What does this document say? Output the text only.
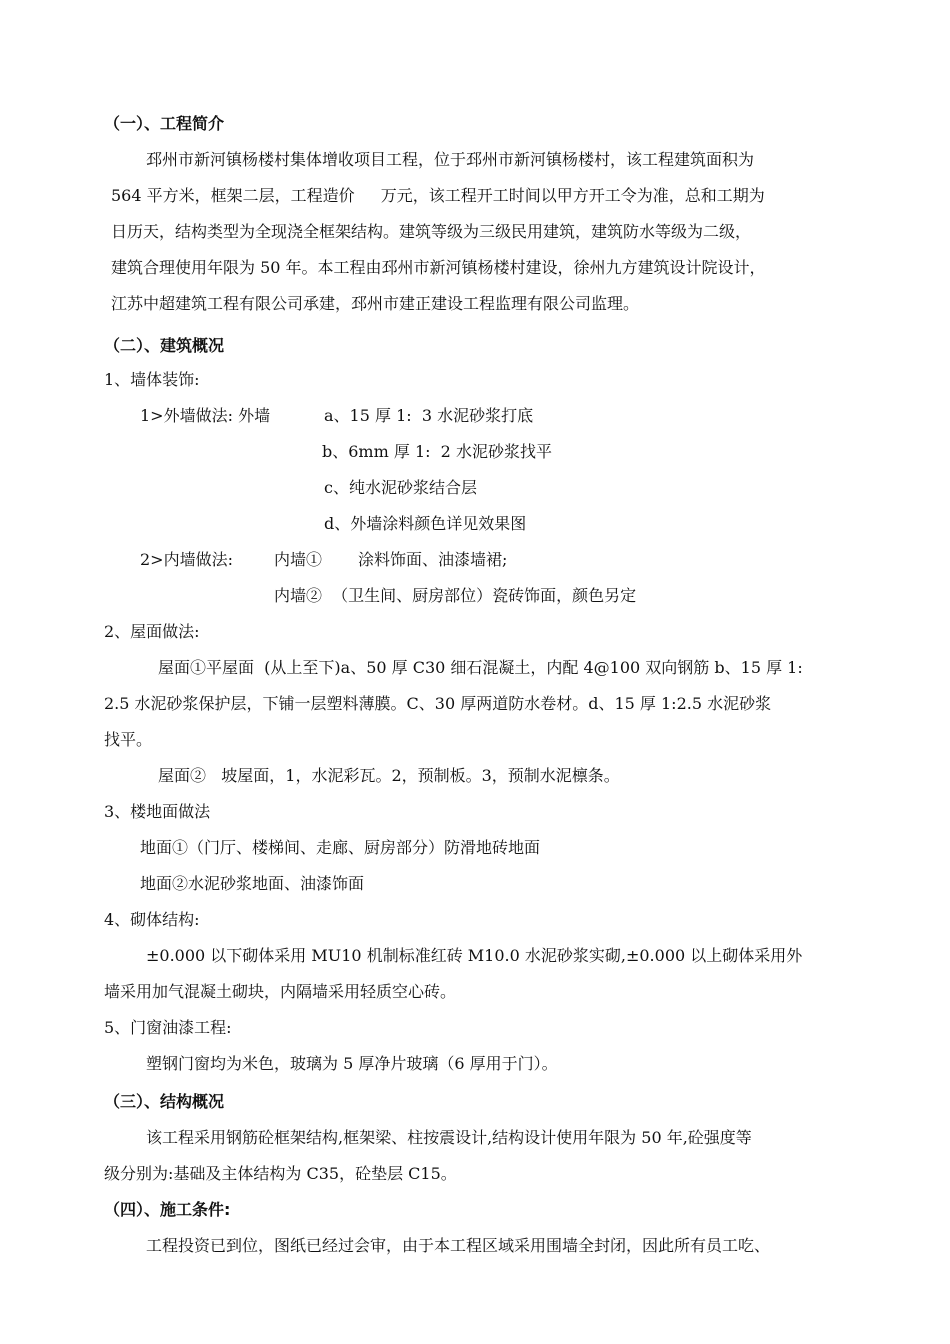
（一）、工程简介
邳州市新河镇杨楼村集体增收项目工程，位于邳州市新河镇杨楼村，该工程建筑面积为
564 平方米，框架二层，工程造价　  万元，该工程开工时间以甲方开工令为准，总和工期为
日历天，结构类型为全现浇全框架结构。建筑等级为三级民用建筑，建筑防水等级为二级，
建筑合理使用年限为 50 年。本工程由邳州市新河镇杨楼村建设，徐州九方建筑设计院设计，
江苏中超建筑工程有限公司承建，邳州市建正建设工程监理有限公司监理。
（二）、建筑概况
1、墙体装饰:
1>外墙做法: 外墙	a、15 厚 1:  3 水泥砂浆打底
b、6mm 厚 1:  2 水泥砂浆找平
c、纯水泥砂浆结合层
d、外墙涂料颜色详见效果图
2>内墙做法:	内墙① 涂料饰面、油漆墙裙;
内墙②  （卫生间、厨房部位）瓷砖饰面，颜色另定
2、屋面做法:
屋面①平屋面  (从上至下)a、50 厚 C30 细石混凝土，内配 4@100 双向钢筋 b、15 厚 1:
2.5 水泥砂浆保护层，下铺一层塑料薄膜。C、30 厚两道防水卷材。d、15 厚 1:2.5 水泥砂浆
找平。
屋面②   坡屋面，1，水泥彩瓦。2，预制板。3，预制水泥檩条。
3、楼地面做法
地面①（门厅、楼梯间、走廊、厨房部分）防滑地砖地面
地面②水泥砂浆地面、油漆饰面
4、砌体结构:
±0.000 以下砌体采用 MU10 机制标准红砖 M10.0 水泥砂浆实砌,±0.000 以上砌体采用外
墙采用加气混凝土砌块，内隔墙采用轻质空心砖。
5、门窗油漆工程:
塑钢门窗均为米色，玻璃为 5 厚净片玻璃（6 厚用于门）。
（三）、结构概况
该工程采用钢筋砼框架结构,框架梁、柱按震设计,结构设计使用年限为 50 年,砼强度等
级分别为:基础及主体结构为 C35，砼垫层 C15。
（四）、施工条件:
工程投资已到位，图纸已经过会审，由于本工程区域采用围墙全封闭，因此所有员工吃、
